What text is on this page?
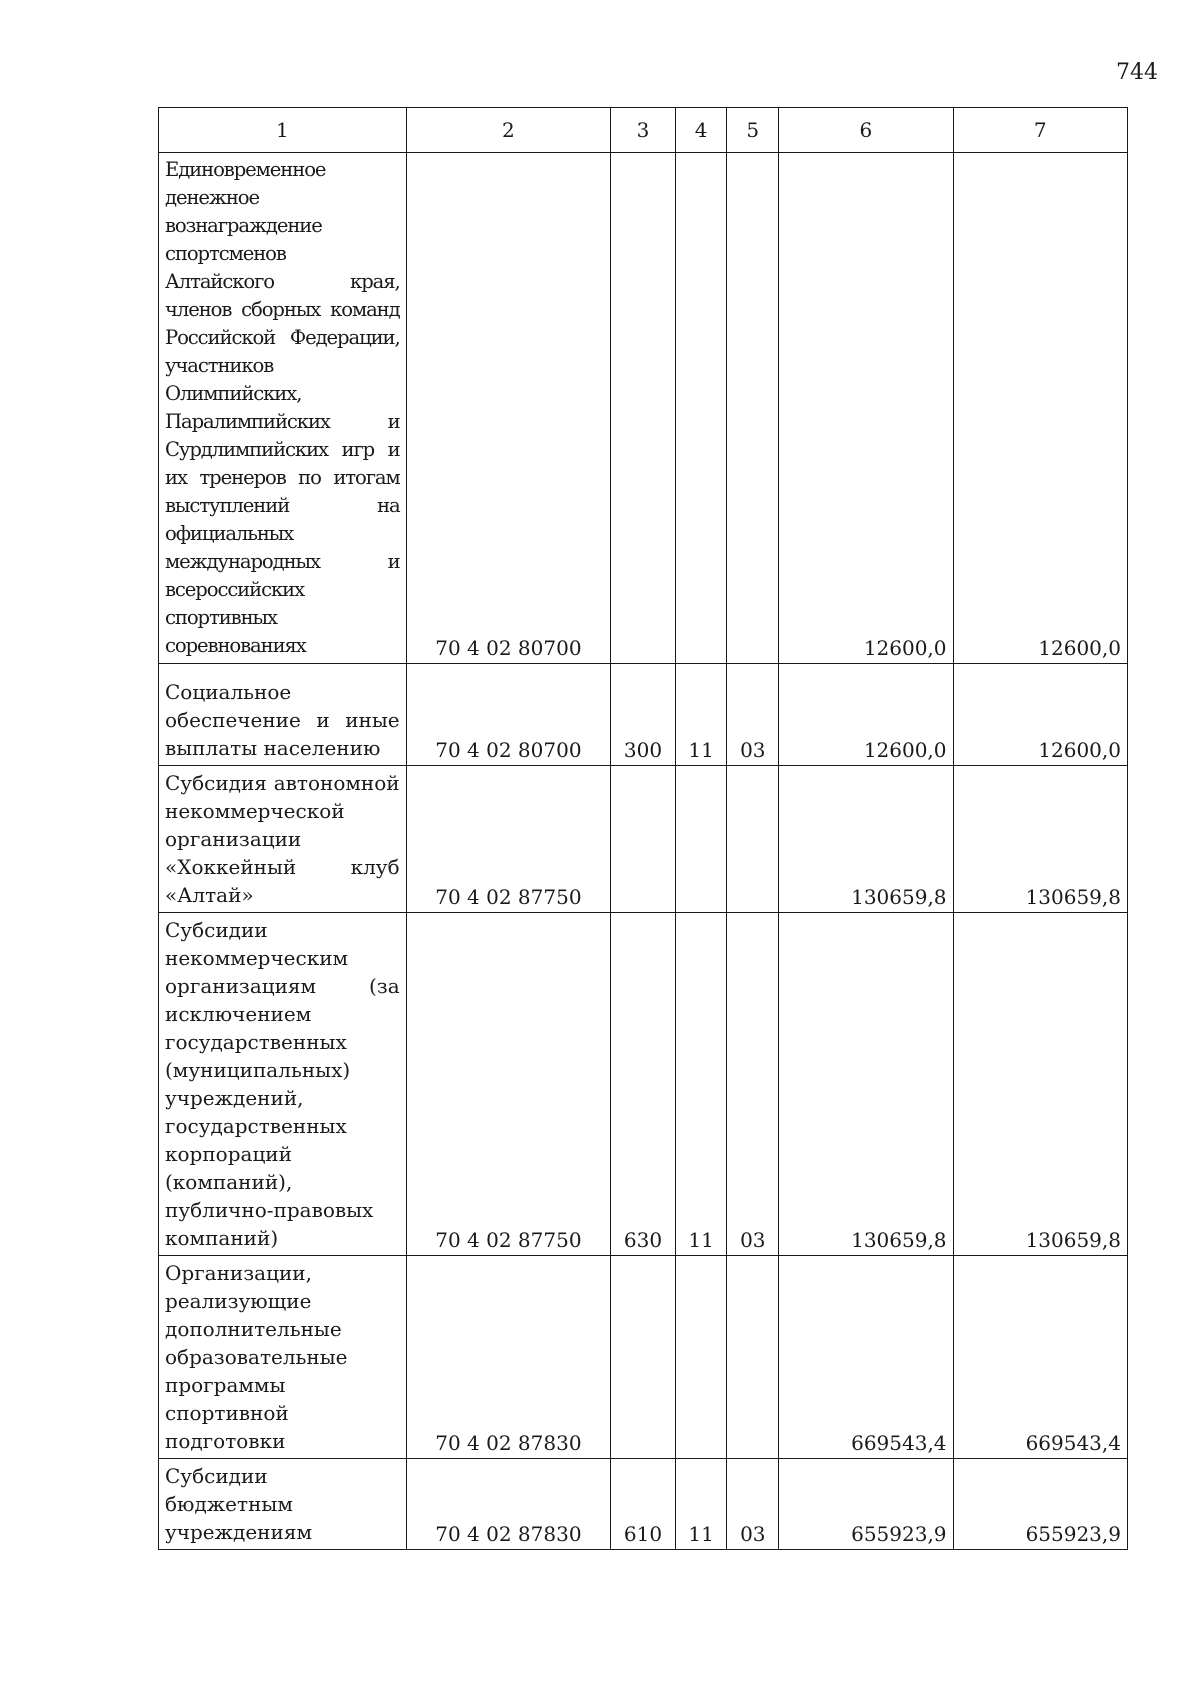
744
1	2	3	4	5	6	7
Единовременное денежное вознаграждение спортсменов Алтайского края, членов сборных команд Российской Федерации, участников Олимпийских, Паралимпийских и Сурдлимпийских игр и их тренеров по итогам выступлений на официальных международных и всероссийских спортивных соревнованиях	70 4 02 80700				12600,0	12600,0
Социальное обеспечение и иные выплаты населению	70 4 02 80700	300	11	03	12600,0	12600,0
Субсидия автономной некоммерческой организации «Хоккейный клуб «Алтай»	70 4 02 87750				130659,8	130659,8
Субсидии некоммерческим организациям (за исключением государственных (муниципальных) учреждений, государственных корпораций (компаний), публично-правовых компаний)	70 4 02 87750	630	11	03	130659,8	130659,8
Организации, реализующие дополнительные образовательные программы спортивной подготовки	70 4 02 87830				669543,4	669543,4
Субсидии бюджетным учреждениям	70 4 02 87830	610	11	03	655923,9	655923,9
